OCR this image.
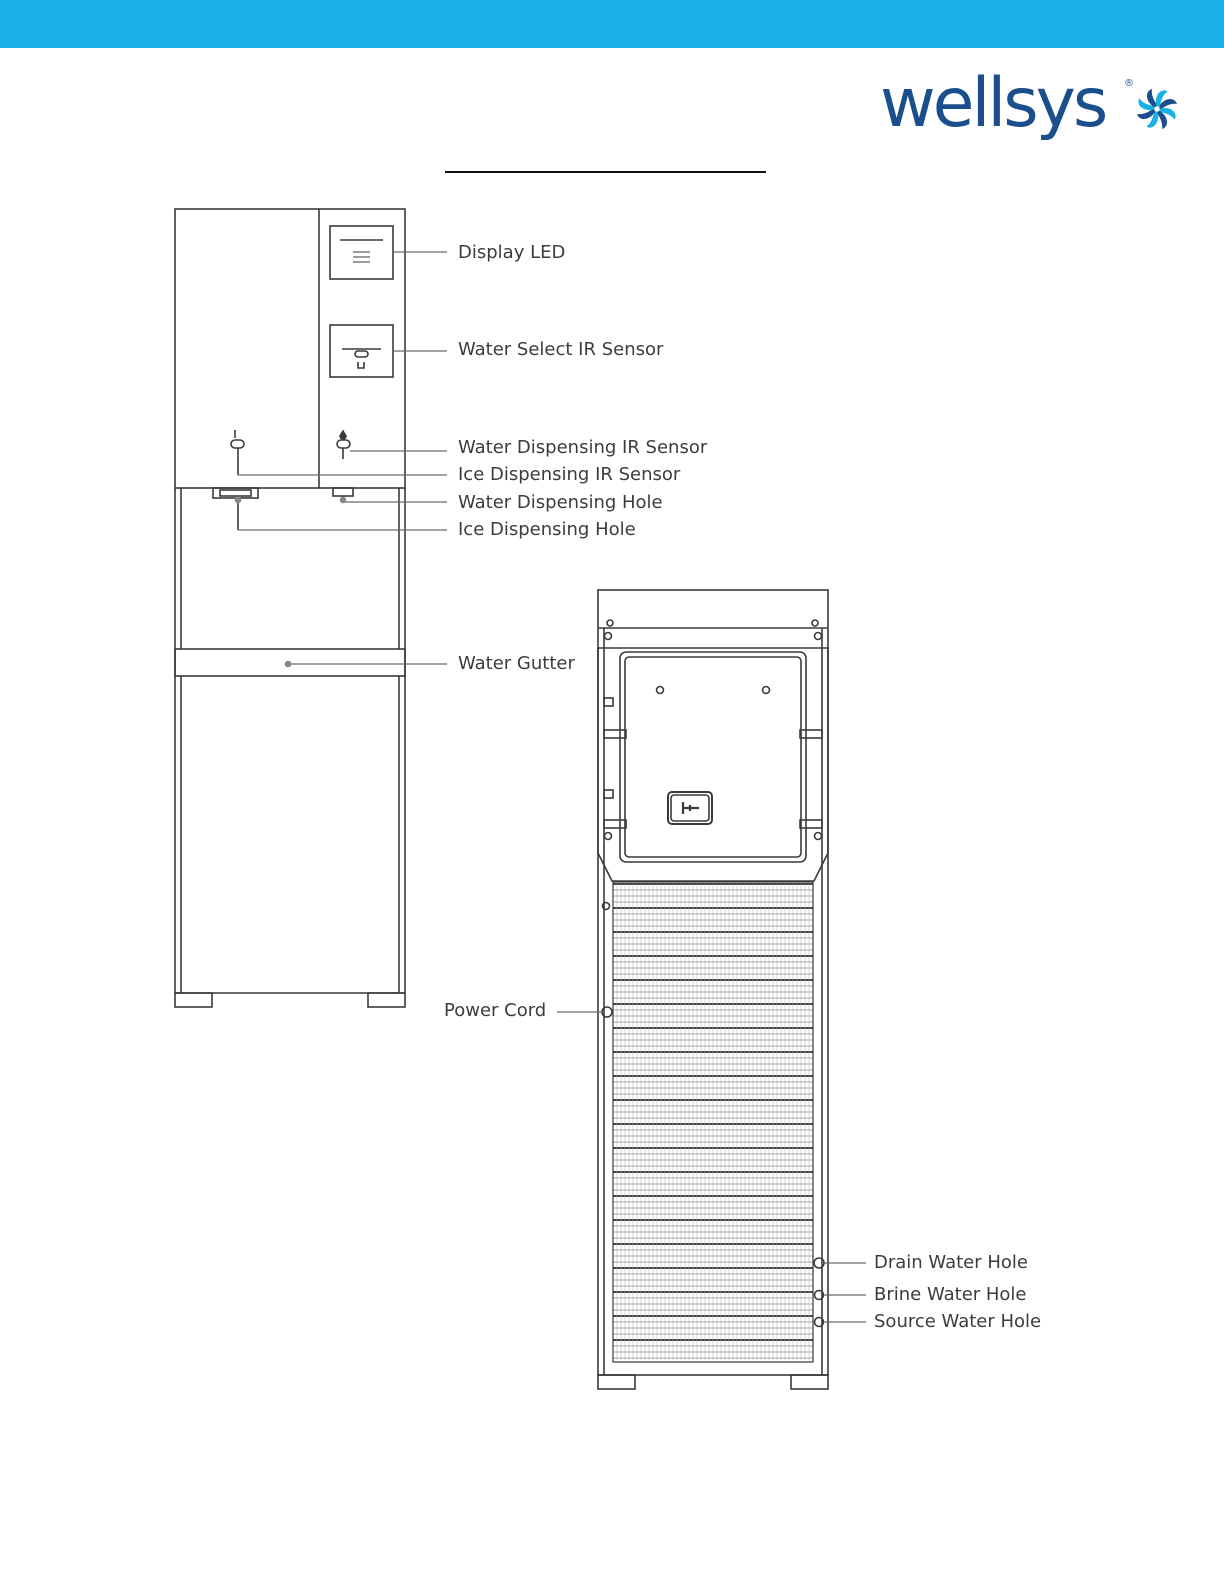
wellsys ®
Display LED
Water Select IR Sensor
Water Dispensing IR Sensor
Ice Dispensing IR Sensor
Water Dispensing Hole
Ice Dispensing Hole
Water Gutter
Power Cord
Drain Water Hole
Brine Water Hole
Source Water Hole
